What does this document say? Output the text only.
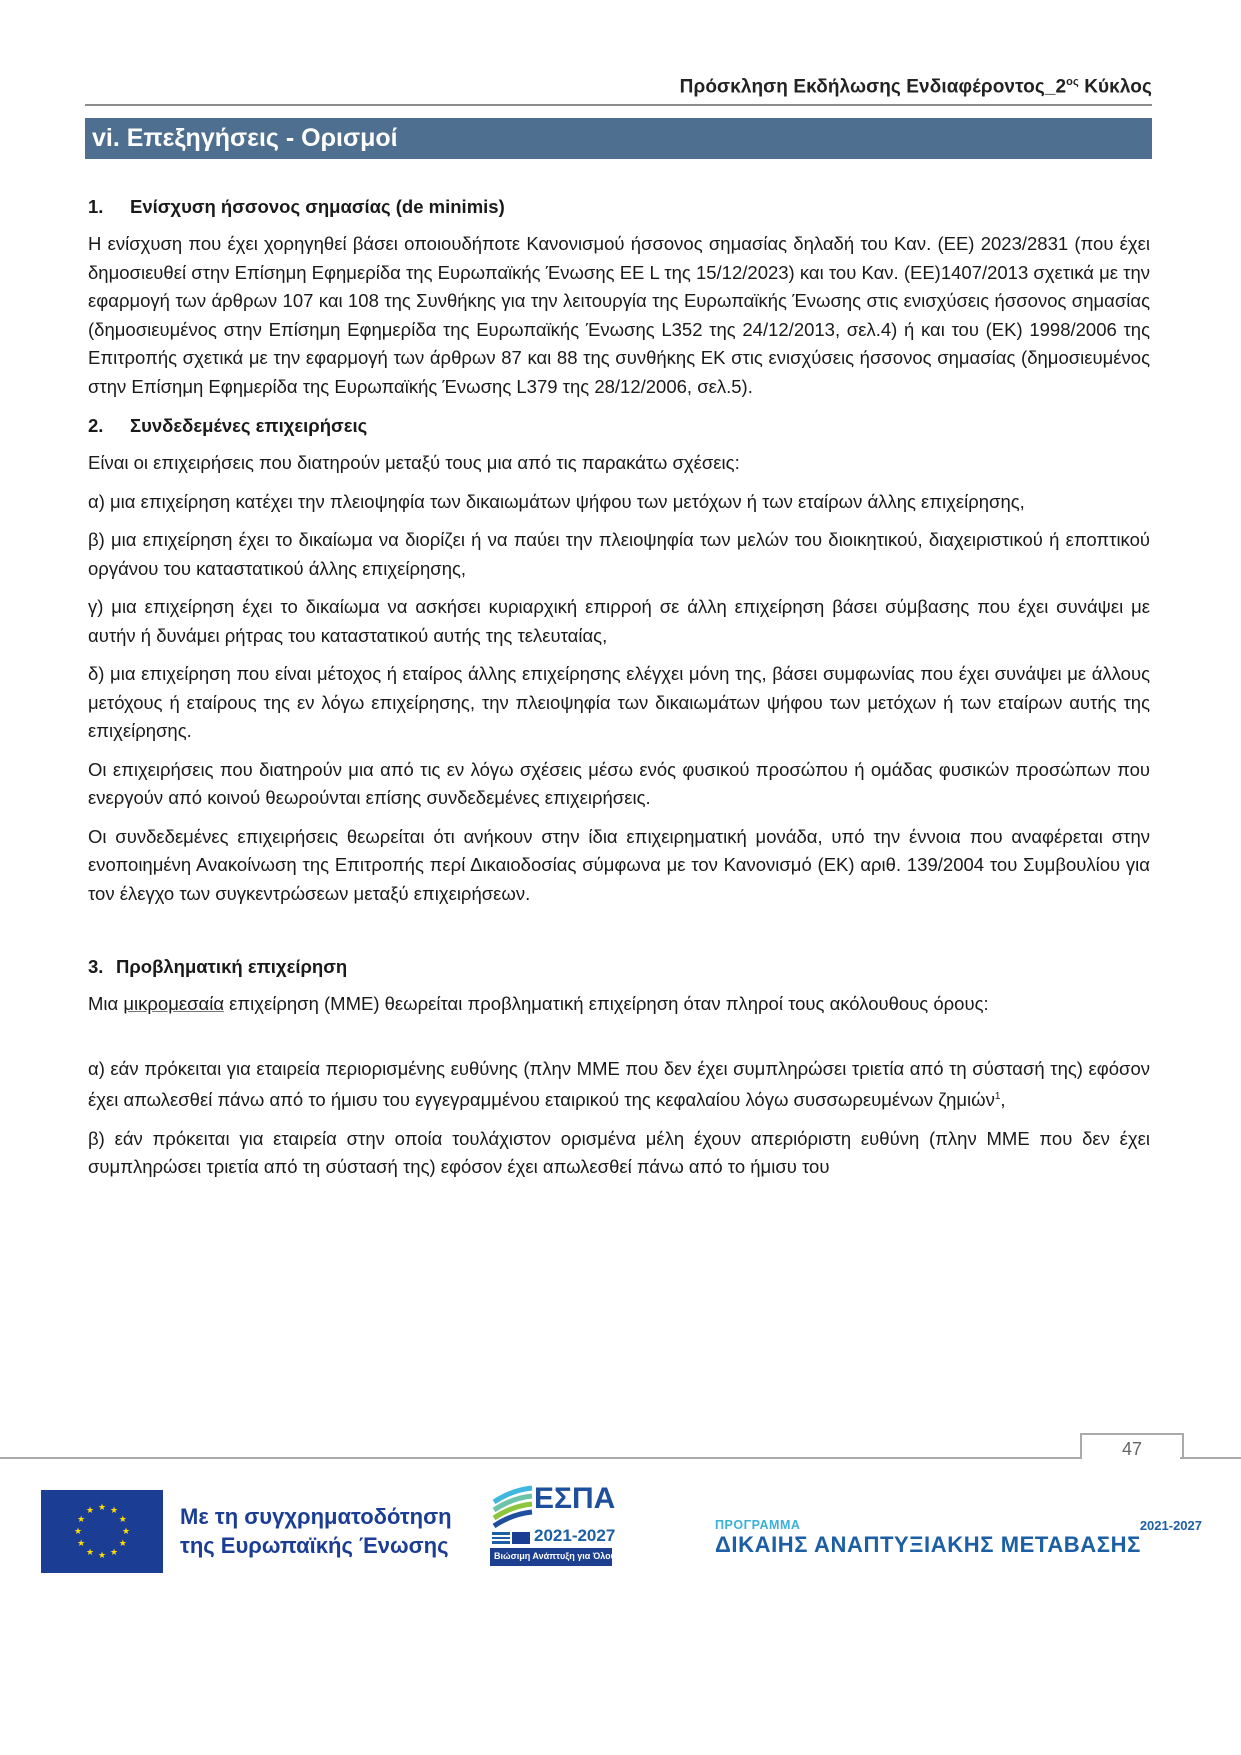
Πρόσκληση Εκδήλωσης $E\nu\delta\iota\alpha\varphi έ\rho o\nu\tau o\varsigma\_2^{o\varsigma}$ Κύκλος
vi. Επεξηγήσεις - Ορισμοί
1. Ενίσχυση ήσσονος σημασίας (de minimis)

Η ενίσχυση που έχει χορηγηθεί βάσει οποιουδήποτε Κανονισμού ήσσονος σημασίας δηλαδή του Καν. (ΕΕ) 2023/2831 (που έχει δημοσιευθεί στην Επίσημη Εφημερίδα της Ευρωπαϊκής Ένωσης ΕΕ L της 15/12/2023) και του Καν. (ΕΕ)1407/2013 σχετικά με την εφαρμογή των άρθρων 107 και 108 της Συνθήκης για την λειτουργία της Ευρωπαϊκής Ένωσης στις ενισχύσεις ήσσονος σημασίας (δημοσιευμένος στην Επίσημη Εφημερίδα της Ευρωπαϊκής Ένωσης L352 της 24/12/2013, σελ.4) ή και του (ΕΚ) 1998/2006 της Επιτροπής σχετικά με την εφαρμογή των άρθρων 87 και 88 της συνθήκης ΕΚ στις ενισχύσεις ήσσονος σημασίας (δημοσιευμένος στην Επίσημη Εφημερίδα της Ευρωπαϊκής Ένωσης L379 της 28/12/2006, σελ.5).

2. Συνδεδεμένες επιχειρήσεις

Είναι οι επιχειρήσεις που διατηρούν μεταξύ τους μια από τις παρακάτω σχέσεις:

α) μια επιχείρηση κατέχει την πλειοψηφία των δικαιωμάτων ψήφου των μετόχων ή των εταίρων άλλης επιχείρησης,

β) μια επιχείρηση έχει το δικαίωμα να διορίζει ή να παύει την πλειοψηφία των μελών του διοικητικού, διαχειριστικού ή εποπτικού οργάνου του καταστατικού άλλης επιχείρησης,

γ) μια επιχείρηση έχει το δικαίωμα να ασκήσει κυριαρχική επιρροή σε άλλη επιχείρηση βάσει σύμβασης που έχει συνάψει με αυτήν ή δυνάμει ρήτρας του καταστατικού αυτής της τελευταίας,

δ) μια επιχείρηση που είναι μέτοχος ή εταίρος άλλης επιχείρησης ελέγχει μόνη της, βάσει συμφωνίας που έχει συνάψει με άλλους μετόχους ή εταίρους της εν λόγω επιχείρησης, την πλειοψηφία των δικαιωμάτων ψήφου των μετόχων ή των εταίρων αυτής της επιχείρησης.

Οι επιχειρήσεις που διατηρούν μια από τις εν λόγω σχέσεις μέσω ενός φυσικού προσώπου ή ομάδας φυσικών προσώπων που ενεργούν από κοινού θεωρούνται επίσης συνδεδεμένες επιχειρήσεις.

Οι συνδεδεμένες επιχειρήσεις θεωρείται ότι ανήκουν στην ίδια επιχειρηματική μονάδα, υπό την έννοια που αναφέρεται στην ενοποιημένη Ανακοίνωση της Επιτροπής περί Δικαιοδοσίας σύμφωνα με τον Κανονισμό (ΕΚ) αριθ. 139/2004 του Συμβουλίου για τον έλεγχο των συγκεντρώσεων μεταξύ επιχειρήσεων.

3. Προβληματική επιχείρηση

Μια μικρομεσαία επιχείρηση (ΜΜΕ) θεωρείται προβληματική επιχείρηση όταν πληροί τους ακόλουθους όρους:

α) εάν πρόκειται για εταιρεία περιορισμένης ευθύνης (πλην ΜΜΕ που δεν έχει συμπληρώσει τριετία από τη σύστασή της) εφόσον έχει απωλεσθεί πάνω από το ήμισυ του εγγεγραμμένου εταιρικού της κεφαλαίου λόγω συσσωρευμένων ζημιών$^1$,

β) εάν πρόκειται για εταιρεία στην οποία τουλάχιστον ορισμένα μέλη έχουν απεριόριστη ευθύνη (πλην ΜΜΕ που δεν έχει συμπληρώσει τριετία από τη σύστασή της) εφόσον έχει απωλεσθεί πάνω από το ήμισυ του

47
★ ★
★
★
★
★
★
★
★
★
★
★	Με τη συγχρηματοδότηση
της Ευρωπαϊκής Ένωσης
ΕΣΠΑ
2021-2027
Βιώσιμη Ανάπτυξη για Όλους
ΠΡΟΓΡΑΜΜΑ	2021-2027
ΔΙΚΑΙΗΣ ΑΝΑΠΤΥΞΙΑΚΗΣ ΜΕΤΑΒΑΣΗΣ
